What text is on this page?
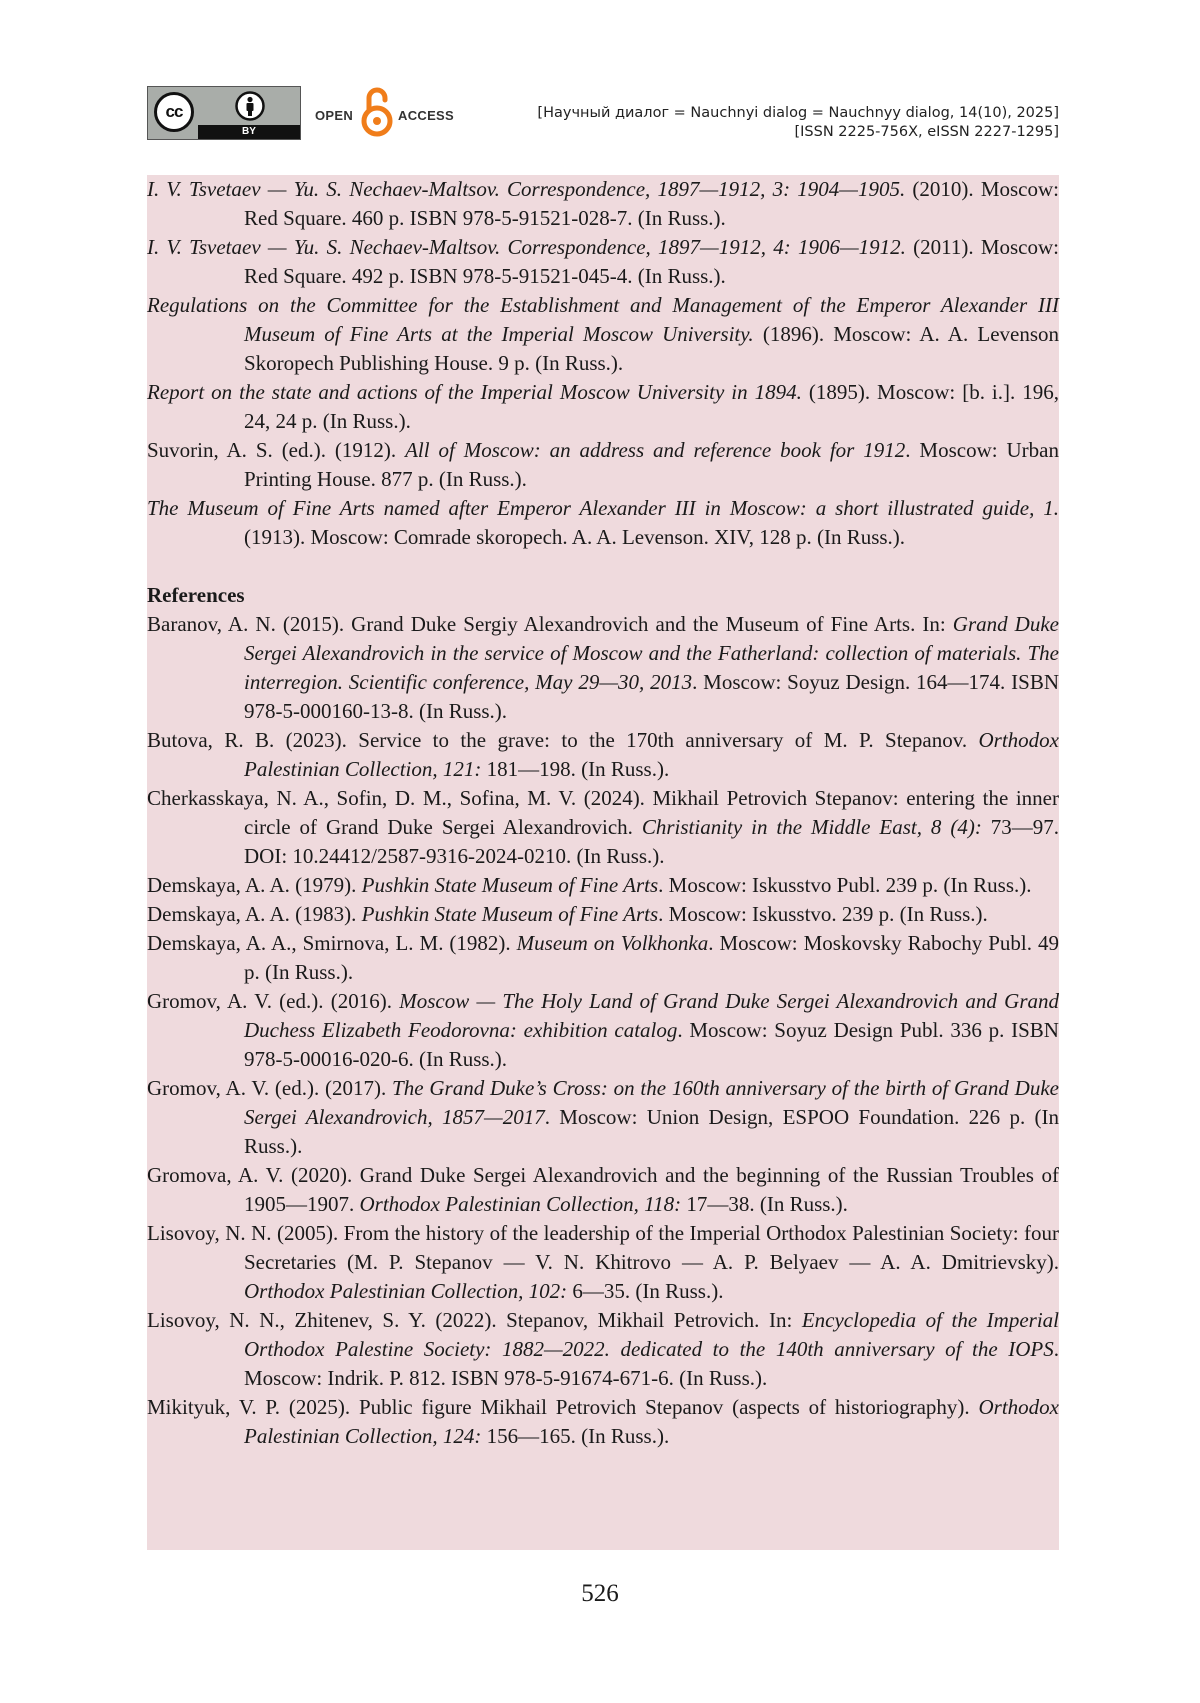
cc
BY
OPEN	ACCESS	[Научный диалог = Nauchnyi dialog = Nauchnyy dialog, 14(10), 2025]
[ISSN 2225-756X, eISSN 2227-1295]

I. V. Tsvetaev — Yu. S. Nechaev-Maltsov. Correspondence, 1897—1912, 3: 1904—1905. (2010). Moscow: Red Square. 460 p. ISBN 978-5-91521-028-7. (In Russ.).

I. V. Tsvetaev — Yu. S. Nechaev-Maltsov. Correspondence, 1897—1912, 4: 1906—1912. (2011). Moscow: Red Square. 492 p. ISBN 978-5-91521-045-4. (In Russ.).

Regulations on the Committee for the Establishment and Management of the Emperor Alexander III Museum of Fine Arts at the Imperial Moscow University. (1896). Moscow: A. A. Levenson Skoropech Publishing House. 9 p. (In Russ.).

Report on the state and actions of the Imperial Moscow University in 1894. (1895). Moscow: [b. i.]. 196, 24, 24 p. (In Russ.).

Suvorin, A. S. (ed.). (1912). All of Moscow: an address and reference book for 1912. Moscow: Urban Printing House. 877 p. (In Russ.).

The Museum of Fine Arts named after Emperor Alexander III in Moscow: a short illustrated guide, 1. (1913). Moscow: Comrade skoropech. A. A. Levenson. XIV, 128 p. (In Russ.).

References

Baranov, A. N. (2015). Grand Duke Sergiy Alexandrovich and the Museum of Fine Arts. In: Grand Duke Sergei Alexandrovich in the service of Moscow and the Fatherland: collection of materials. The interregion. Scientific conference, May 29—30, 2013. Moscow: Soyuz Design. 164—174. ISBN 978-5-000160-13-8. (In Russ.).

Butova, R. B. (2023). Service to the grave: to the 170th anniversary of M. P. Stepanov. Orthodox Palestinian Collection, 121: 181—198. (In Russ.).

Cherkasskaya, N. A., Sofin, D. M., Sofina, M. V. (2024). Mikhail Petrovich Stepanov: entering the inner circle of Grand Duke Sergei Alexandrovich. Christianity in the Middle East, 8 (4): 73—97. DOI: 10.24412/2587-9316-2024-0210. (In Russ.).

Demskaya, A. A. (1979). Pushkin State Museum of Fine Arts. Moscow: Iskusstvo Publ. 239 p. (In Russ.).

Demskaya, A. A. (1983). Pushkin State Museum of Fine Arts. Moscow: Iskusstvo. 239 p. (In Russ.).

Demskaya, A. A., Smirnova, L. M. (1982). Museum on Volkhonka. Moscow: Moskovsky Rabochy Publ. 49 p. (In Russ.).

Gromov, A. V. (ed.). (2016). Moscow — The Holy Land of Grand Duke Sergei Alexandrovich and Grand Duchess Elizabeth Feodorovna: exhibition catalog. Moscow: Soyuz Design Publ. 336 p. ISBN 978-5-00016-020-6. (In Russ.).

Gromov, A. V. (ed.). (2017). The Grand Duke’s Cross: on the 160th anniversary of the birth of Grand Duke Sergei Alexandrovich, 1857—2017. Moscow: Union Design, ESPOO Foundation. 226 p. (In Russ.).

Gromova, A. V. (2020). Grand Duke Sergei Alexandrovich and the beginning of the Russian Troubles of 1905—1907. Orthodox Palestinian Collection, 118: 17—38. (In Russ.).

Lisovoy, N. N. (2005). From the history of the leadership of the Imperial Orthodox Palestinian Society: four Secretaries (M. P. Stepanov — V. N. Khitrovo — A. P. Belyaev — A. A. Dmitrievsky). Orthodox Palestinian Collection, 102: 6—35. (In Russ.).

Lisovoy, N. N., Zhitenev, S. Y. (2022). Stepanov, Mikhail Petrovich. In: Encyclopedia of the Imperial Orthodox Palestine Society: 1882—2022. dedicated to the 140th anniversary of the IOPS. Moscow: Indrik. P. 812. ISBN 978-5-91674-671-6. (In Russ.).

Mikityuk, V. P. (2025). Public figure Mikhail Petrovich Stepanov (aspects of historiography). Orthodox Palestinian Collection, 124: 156—165. (In Russ.).

526
